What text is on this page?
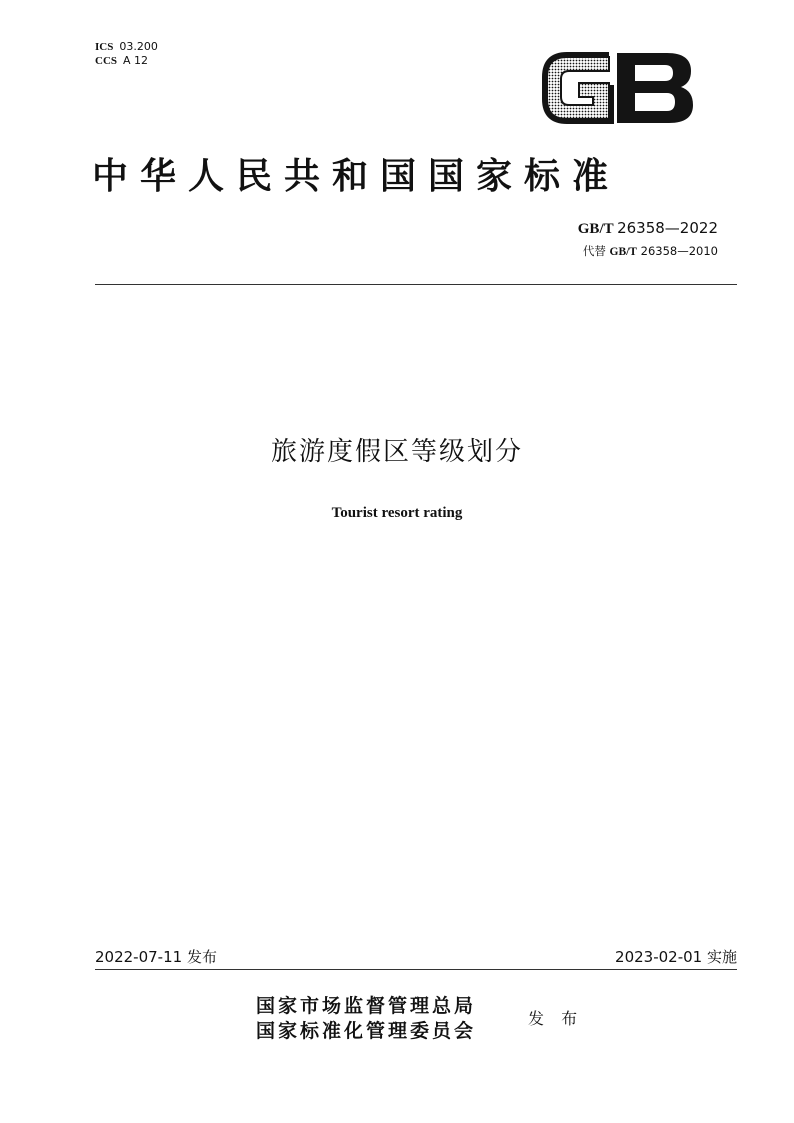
ICS 03.200
CCS A 12
GB
中华人民共和国国家标准
GB/T 26358—2022
代替 GB/T 26358—2010
旅游度假区等级划分
Tourist resort rating
2022-07-11 发布	2023-02-01 实施
国家市场监督管理总局
国家标准化管理委员会
发 布
